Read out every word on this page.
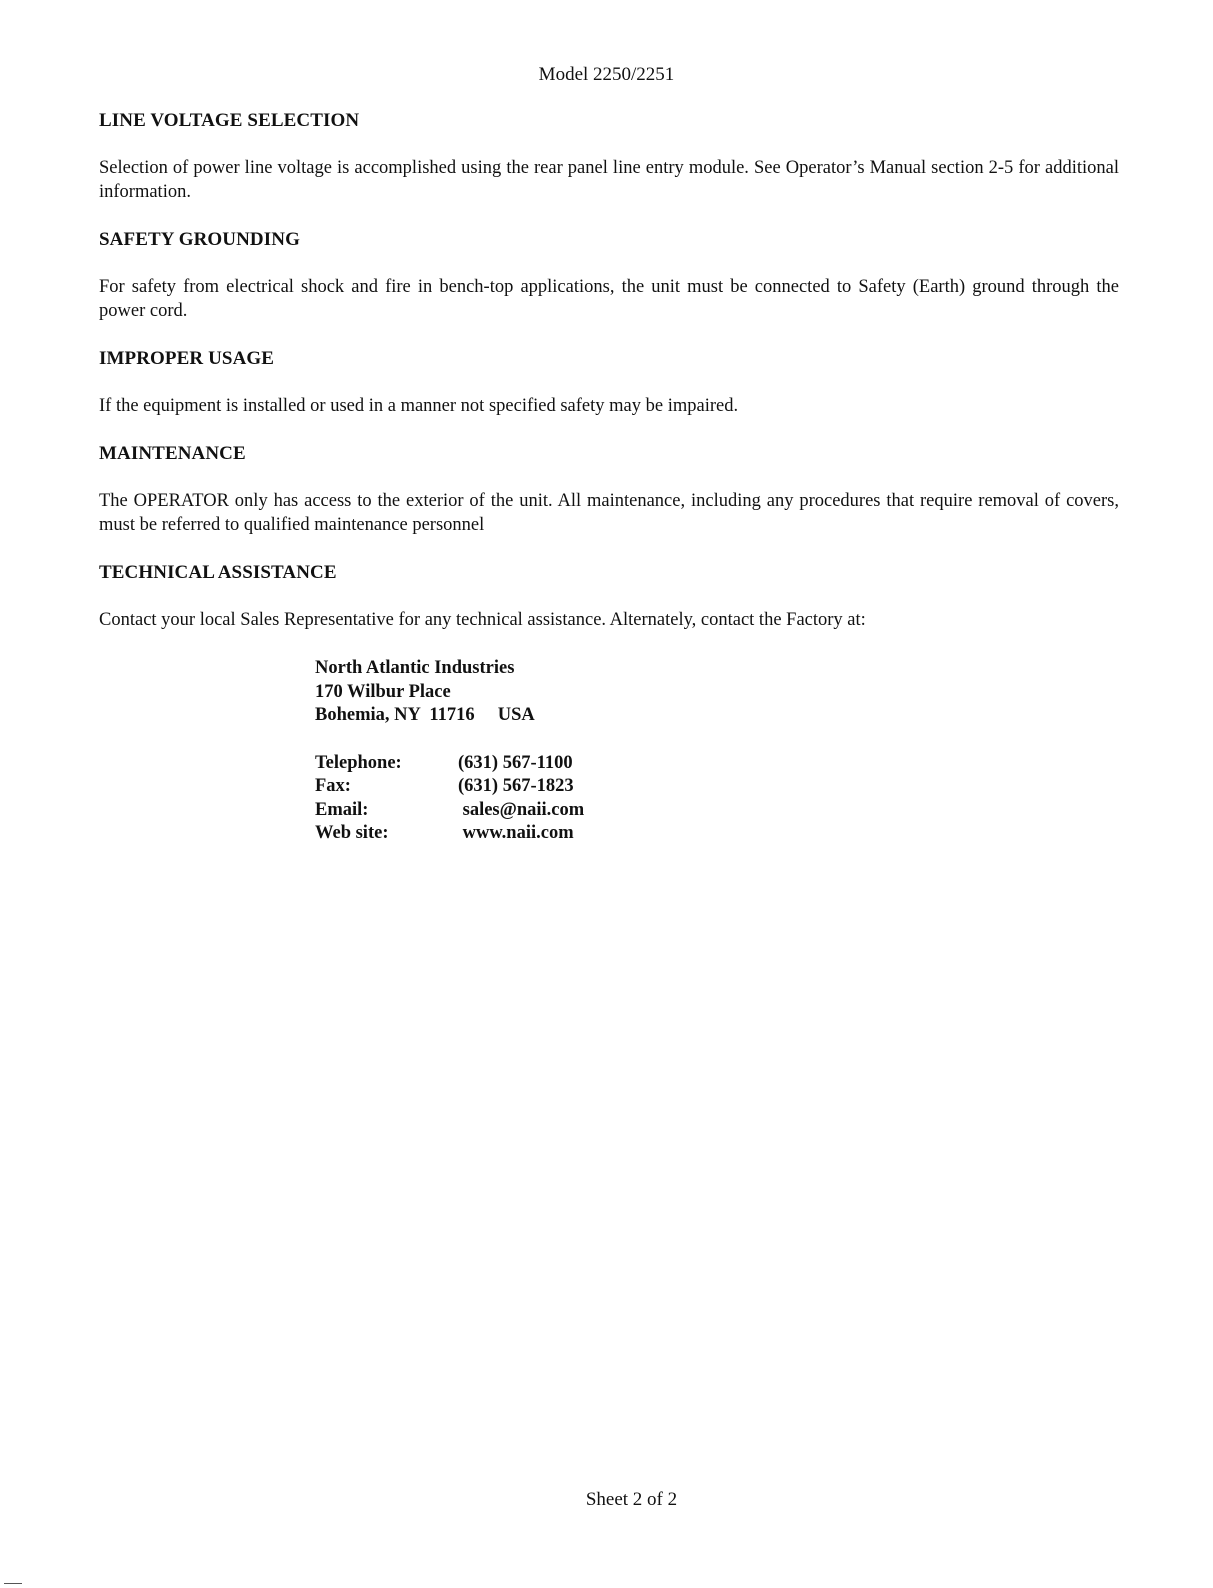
Model 2250/2251
LINE VOLTAGE SELECTION
Selection of power line voltage is accomplished using the rear panel line entry module. See Operator’s Manual section 2-5 for additional information.
SAFETY GROUNDING
For safety from electrical shock and fire in bench-top applications, the unit must be connected to Safety (Earth) ground through the power cord.
IMPROPER USAGE
If the equipment is installed or used in a manner not specified safety may be impaired.
MAINTENANCE
The OPERATOR only has access to the exterior of the unit. All maintenance, including any procedures that require removal of covers, must be referred to qualified maintenance personnel
TECHNICAL ASSISTANCE
Contact your local Sales Representative for any technical assistance. Alternately, contact the Factory at:
North Atlantic Industries
170 Wilbur Place
Bohemia, NY  11716     USA
Telephone:	(631) 567-1100
Fax:	(631) 567-1823
Email:	sales@naii.com
Web site:	www.naii.com
Sheet 2 of 2
